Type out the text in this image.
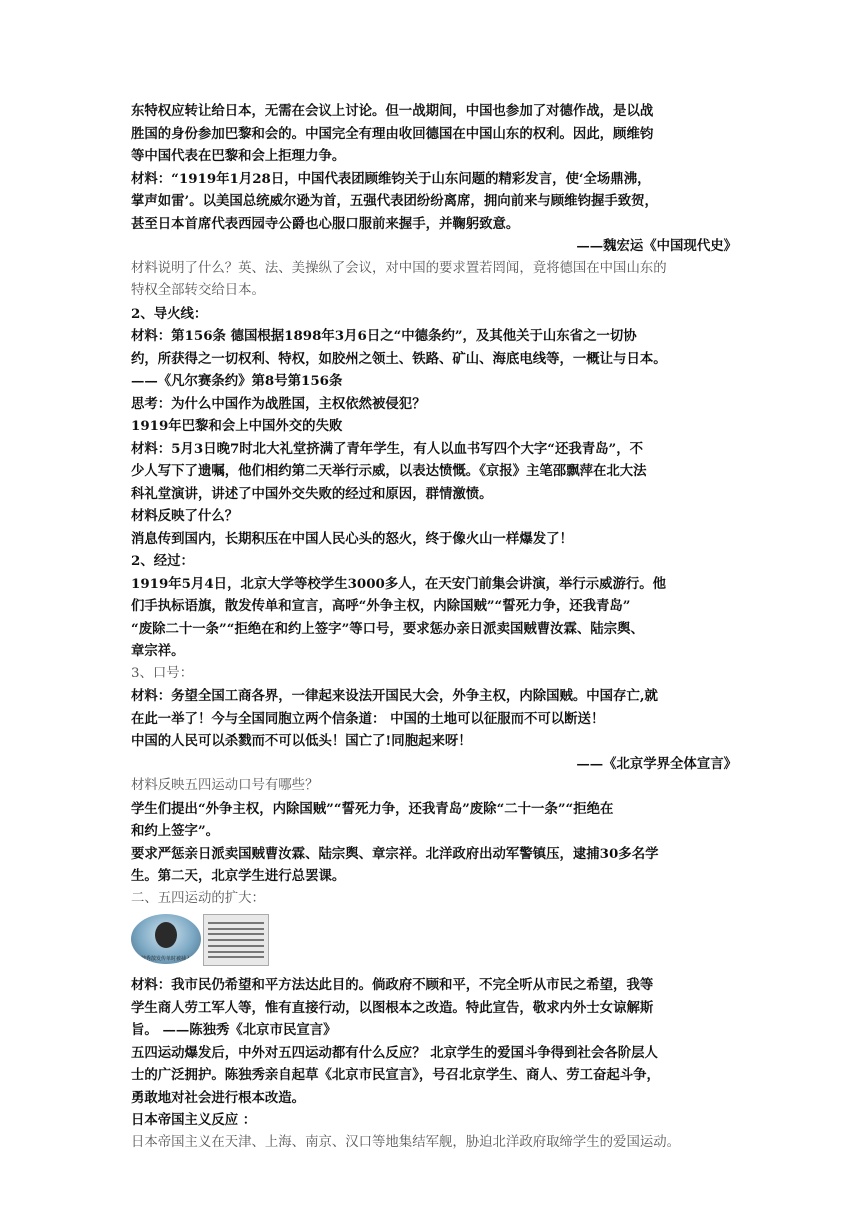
东特权应转让给日本，无需在会议上讨论。但一战期间，中国也参加了对德作战，是以战
胜国的身份参加巴黎和会的。中国完全有理由收回德国在中国山东的权利。因此，顾维钧
等中国代表在巴黎和会上拒理力争。
材料：“1919年1月28日，中国代表团顾维钧关于山东问题的精彩发言，使‘全场鼎沸，
掌声如雷’。以美国总统威尔逊为首，五强代表团纷纷离席，拥向前来与顾维钧握手致贺，
甚至日本首席代表西园寺公爵也心服口服前来握手，并鞠躬致意。
——魏宏运《中国现代史》
材料说明了什么？英、法、美操纵了会议，对中国的要求置若罔闻，竟将德国在中国山东的
特权全部转交给日本。
2、导火线：
材料：第156条 德国根据1898年3月6日之“中德条约”，及其他关于山东省之一切协
约，所获得之一切权利、特权，如胶州之领土、铁路、矿山、海底电线等，一概让与日本。
——《凡尔赛条约》第8号第156条
思考：为什么中国作为战胜国，主权依然被侵犯？
1919年巴黎和会上中国外交的失败
材料：5月3日晚7时北大礼堂挤满了青年学生，有人以血书写四个大字“还我青岛”，不
少人写下了遗嘱，他们相约第二天举行示威，以表达愤慨。《京报》主笔邵飘萍在北大法
科礼堂演讲，讲述了中国外交失败的经过和原因，群情激愤。
材料反映了什么？
消息传到国内，长期积压在中国人民心头的怒火，终于像火山一样爆发了！
2、经过：
1919年5月4日，北京大学等校学生3000多人，在天安门前集会讲演，举行示威游行。他
们手执标语旗，散发传单和宣言，高呼“外争主权，内除国贼”“誓死力争，还我青岛”
“废除二十一条”“拒绝在和约上签字”等口号，要求惩办亲日派卖国贼曹汝霖、陆宗舆、
章宗祥。
3、口号：
材料：务望全国工商各界，一律起来设法开国民大会，外争主权，内除国贼。中国存亡,就
在此一举了！今与全国同胞立两个信条道： 中国的土地可以征服而不可以断送！
中国的人民可以杀戮而不可以低头！国亡了!同胞起来呀！
——《北京学界全体宣言》
材料反映五四运动口号有哪些？
学生们提出“外争主权，内除国贼”“誓死力争，还我青岛”废除“二十一条”“拒绝在
和约上签字”。
要求严惩亲日派卖国贼曹汝霖、陆宗舆、章宗祥。北洋政府出动军警镇压，逮捕30多名学
生。第二天，北京学生进行总罢课。
二、五四运动的扩大：
陈独秀散发传单时被捕入狱
材料：我市民仍希望和平方法达此目的。倘政府不顾和平，不完全听从市民之希望，我等
学生商人劳工军人等，惟有直接行动，以图根本之改造。特此宣告，敬求内外士女谅解斯
旨。 ——陈独秀《北京市民宣言》
五四运动爆发后，中外对五四运动都有什么反应？ 北京学生的爱国斗争得到社会各阶层人
士的广泛拥护。陈独秀亲自起草《北京市民宣言》，号召北京学生、商人、劳工奋起斗争，
勇敢地对社会进行根本改造。
日本帝国主义反应 ：
日本帝国主义在天津、上海、南京、汉口等地集结军舰，胁迫北洋政府取缔学生的爱国运动。
